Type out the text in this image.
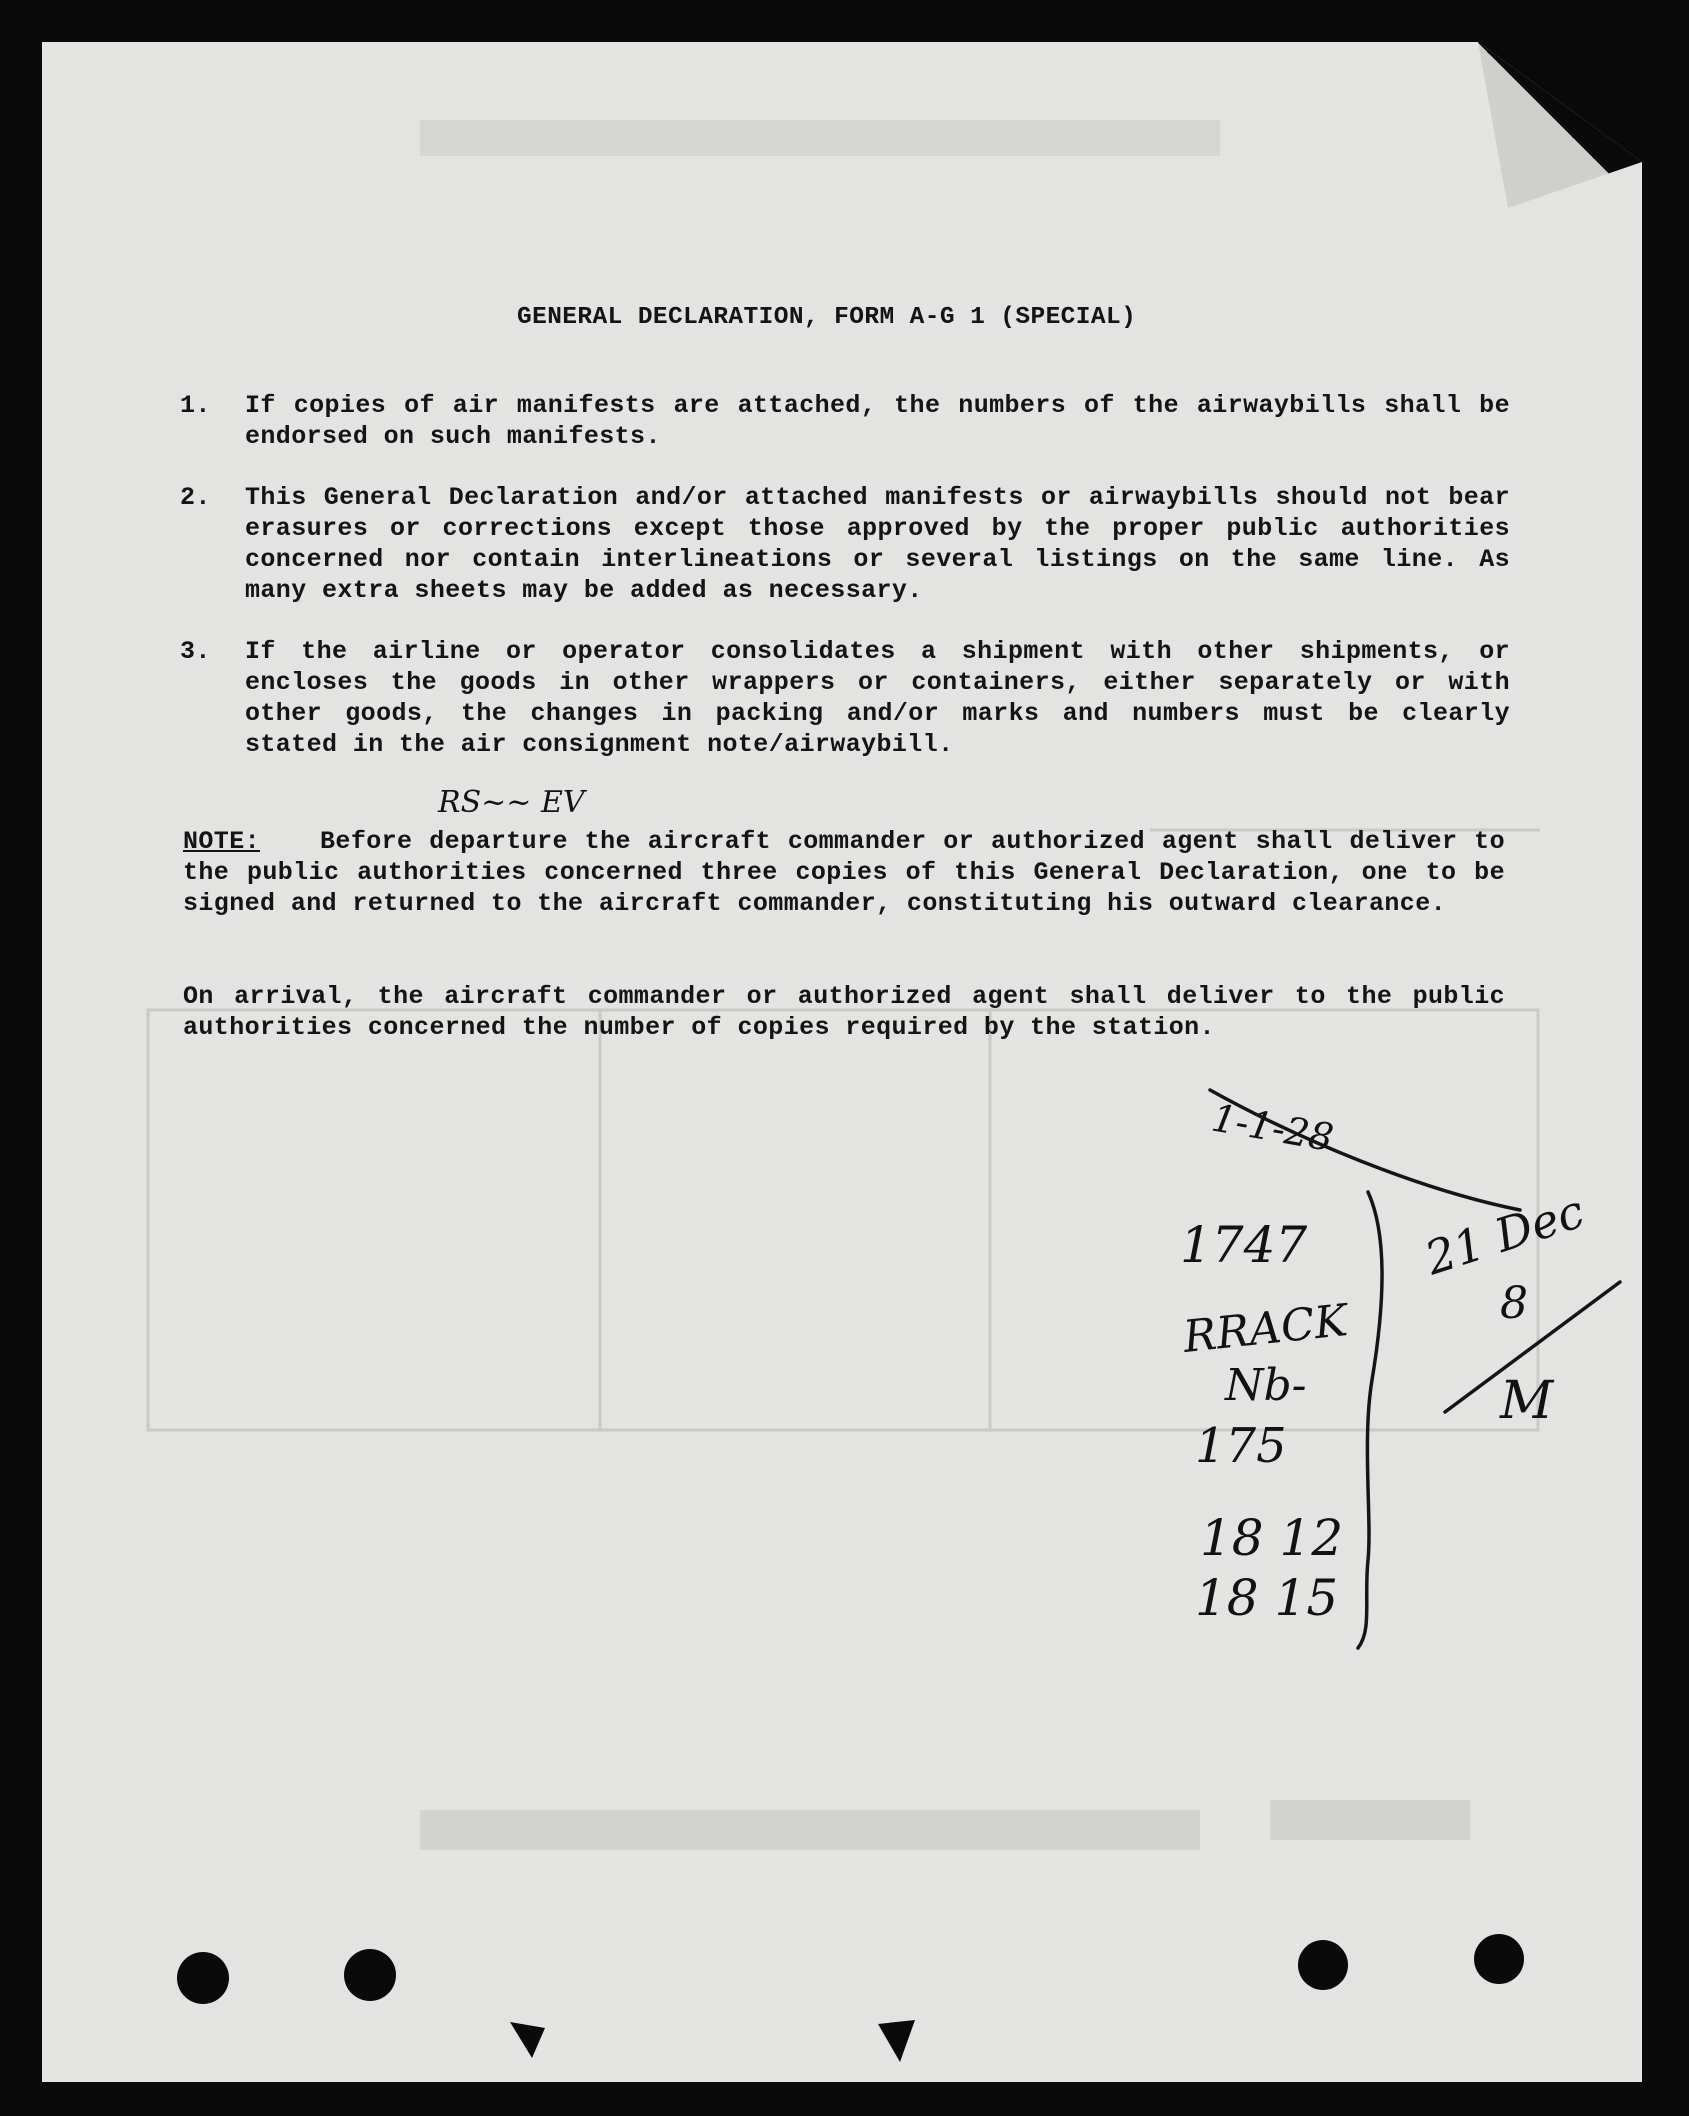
GENERAL DECLARATION, FORM A-G 1 (SPECIAL)
1. If copies of air manifests are attached, the numbers of the airwaybills shall be endorsed on such manifests.
2. This General Declaration and/or attached manifests or airwaybills should not bear erasures or corrections except those approved by the proper public authorities concerned nor contain interlineations or several listings on the same line. As many extra sheets may be added as necessary.
3. If the airline or operator consolidates a shipment with other shipments, or encloses the goods in other wrappers or containers, either separately or with other goods, the changes in packing and/or marks and numbers must be clearly stated in the air consignment note/airwaybill.
NOTE: Before departure the aircraft commander or authorized agent shall deliver to the public authorities concerned three copies of this General Declaration, one to be signed and returned to the aircraft commander, constituting his outward clearance.
On arrival, the aircraft commander or authorized agent shall deliver to the public authorities concerned the number of copies required by the station.
RS~~ EV
1-1-28
1747
RRACK
Nb-
175
18 12
18 15
21 Dec
8
M
